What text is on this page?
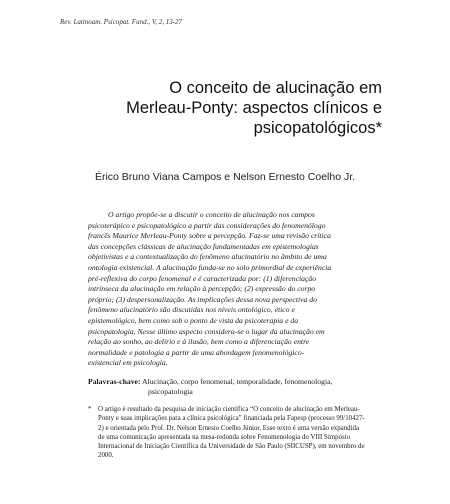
Rev. Latinoam. Psicopat. Fund., V, 2, 13-27
O conceito de alucinação em
Merleau-Ponty: aspectos clínicos e
psicopatológicos*
Érico Bruno Viana Campos e Nelson Ernesto Coelho Jr.
O artigo propõe-se a discutir o conceito de alucinação nos campos
psicoterápico e psicopatológico a partir das considerações do fenomenólogo
francês Maurice Merleau-Ponty sobre a percepção. Faz-se uma revisão crítica
das concepções clássicas de alucinação fundamentadas em epistemologias
objetivistas e a contextualização do fenômeno alucinatório no âmbito de uma
ontologia existencial. A alucinação funda-se no solo primordial de experiência
pré-reflexiva do corpo fenomenal e é caracterizada por: (1) diferenciação
intrínseca da alucinação em relação à percepção; (2) expressão do corpo
próprio; (3) despersonalização. As implicações dessa nova perspectiva do
fenômeno alucinatório são discutidas nos níveis ontológico, ético e
epistemológico, bem como sob o ponto de vista da psicoterapia e da
psicopatologia. Nesse último aspecto considera-se o lugar da alucinação em
relação ao sonho, ao delírio e à ilusão, bem como a diferenciação entre
normalidade e patologia a partir de uma abordagem fenomenológico-
existencial em psicologia.
Palavras-chave: Alucinação, corpo fenomenal, temporalidade, fenomenologia,
psicopatologia
* O artigo é resultado da pesquisa de iniciação científica “O conceito de alucinação em Merleau-
Ponty e suas implicações para a clínica psicológica” financiada pela Fapesp (processo 99/10427-
2) e orientada pelo Prof. Dr. Nelson Ernesto Coelho Júnior. Esse texto é uma versão expandida
de uma comunicação apresentada na mesa-redonda sobre Fenomenologia do VIII Simpósio
Internacional de Iniciação Científica da Universidade de São Paulo (SIICUSP), em novembro de
2000.
